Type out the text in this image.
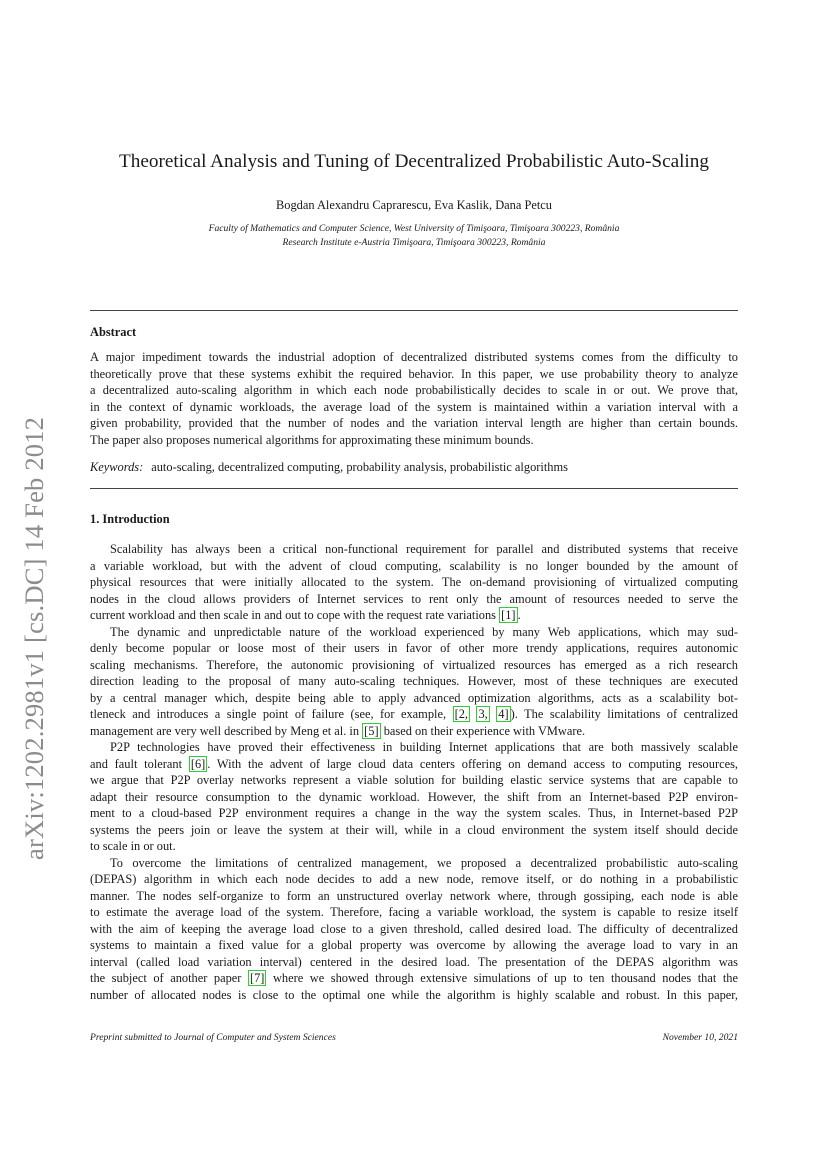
arXiv:1202.2981v1 [cs.DC] 14 Feb 2012
Theoretical Analysis and Tuning of Decentralized Probabilistic Auto-Scaling
Bogdan Alexandru Caprarescu, Eva Kaslik, Dana Petcu
Faculty of Mathematics and Computer Science, West University of Timişoara, Timişoara 300223, România
Research Institute e-Austria Timişoara, Timişoara 300223, România
Abstract
A major impediment towards the industrial adoption of decentralized distributed systems comes from the difficulty to
theoretically prove that these systems exhibit the required behavior. In this paper, we use probability theory to analyze
a decentralized auto-scaling algorithm in which each node probabilistically decides to scale in or out. We prove that,
in the context of dynamic workloads, the average load of the system is maintained within a variation interval with a
given probability, provided that the number of nodes and the variation interval length are higher than certain bounds.
The paper also proposes numerical algorithms for approximating these minimum bounds.
Keywords: auto-scaling, decentralized computing, probability analysis, probabilistic algorithms
1. Introduction
Scalability has always been a critical non-functional requirement for parallel and distributed systems that receive
a variable workload, but with the advent of cloud computing, scalability is no longer bounded by the amount of
physical resources that were initially allocated to the system. The on-demand provisioning of virtualized computing
nodes in the cloud allows providers of Internet services to rent only the amount of resources needed to serve the
current workload and then scale in and out to cope with the request rate variations [1] .
The dynamic and unpredictable nature of the workload experienced by many Web applications, which may sud-
denly become popular or loose most of their users in favor of other more trendy applications, requires autonomic
scaling mechanisms. Therefore, the autonomic provisioning of virtualized resources has emerged as a rich research
direction leading to the proposal of many auto-scaling techniques. However, most of these techniques are executed
by a central manager which, despite being able to apply advanced optimization algorithms, acts as a scalability bot-
tleneck and introduces a single point of failure (see, for example, [2, 3, 4] ). The scalability limitations of centralized
management are very well described by Meng et al. in [5] based on their experience with VMware.
P2P technologies have proved their effectiveness in building Internet applications that are both massively scalable
and fault tolerant [6] . With the advent of large cloud data centers offering on demand access to computing resources,
we argue that P2P overlay networks represent a viable solution for building elastic service systems that are capable to
adapt their resource consumption to the dynamic workload. However, the shift from an Internet-based P2P environ-
ment to a cloud-based P2P environment requires a change in the way the system scales. Thus, in Internet-based P2P
systems the peers join or leave the system at their will, while in a cloud environment the system itself should decide
to scale in or out.
To overcome the limitations of centralized management, we proposed a decentralized probabilistic auto-scaling
(DEPAS) algorithm in which each node decides to add a new node, remove itself, or do nothing in a probabilistic
manner. The nodes self-organize to form an unstructured overlay network where, through gossiping, each node is able
to estimate the average load of the system. Therefore, facing a variable workload, the system is capable to resize itself
with the aim of keeping the average load close to a given threshold, called desired load. The difficulty of decentralized
systems to maintain a fixed value for a global property was overcome by allowing the average load to vary in an
interval (called load variation interval) centered in the desired load. The presentation of the DEPAS algorithm was
the subject of another paper [7] where we showed through extensive simulations of up to ten thousand nodes that the
number of allocated nodes is close to the optimal one while the algorithm is highly scalable and robust. In this paper,
Preprint submitted to Journal of Computer and System Sciences	November 10, 2021
